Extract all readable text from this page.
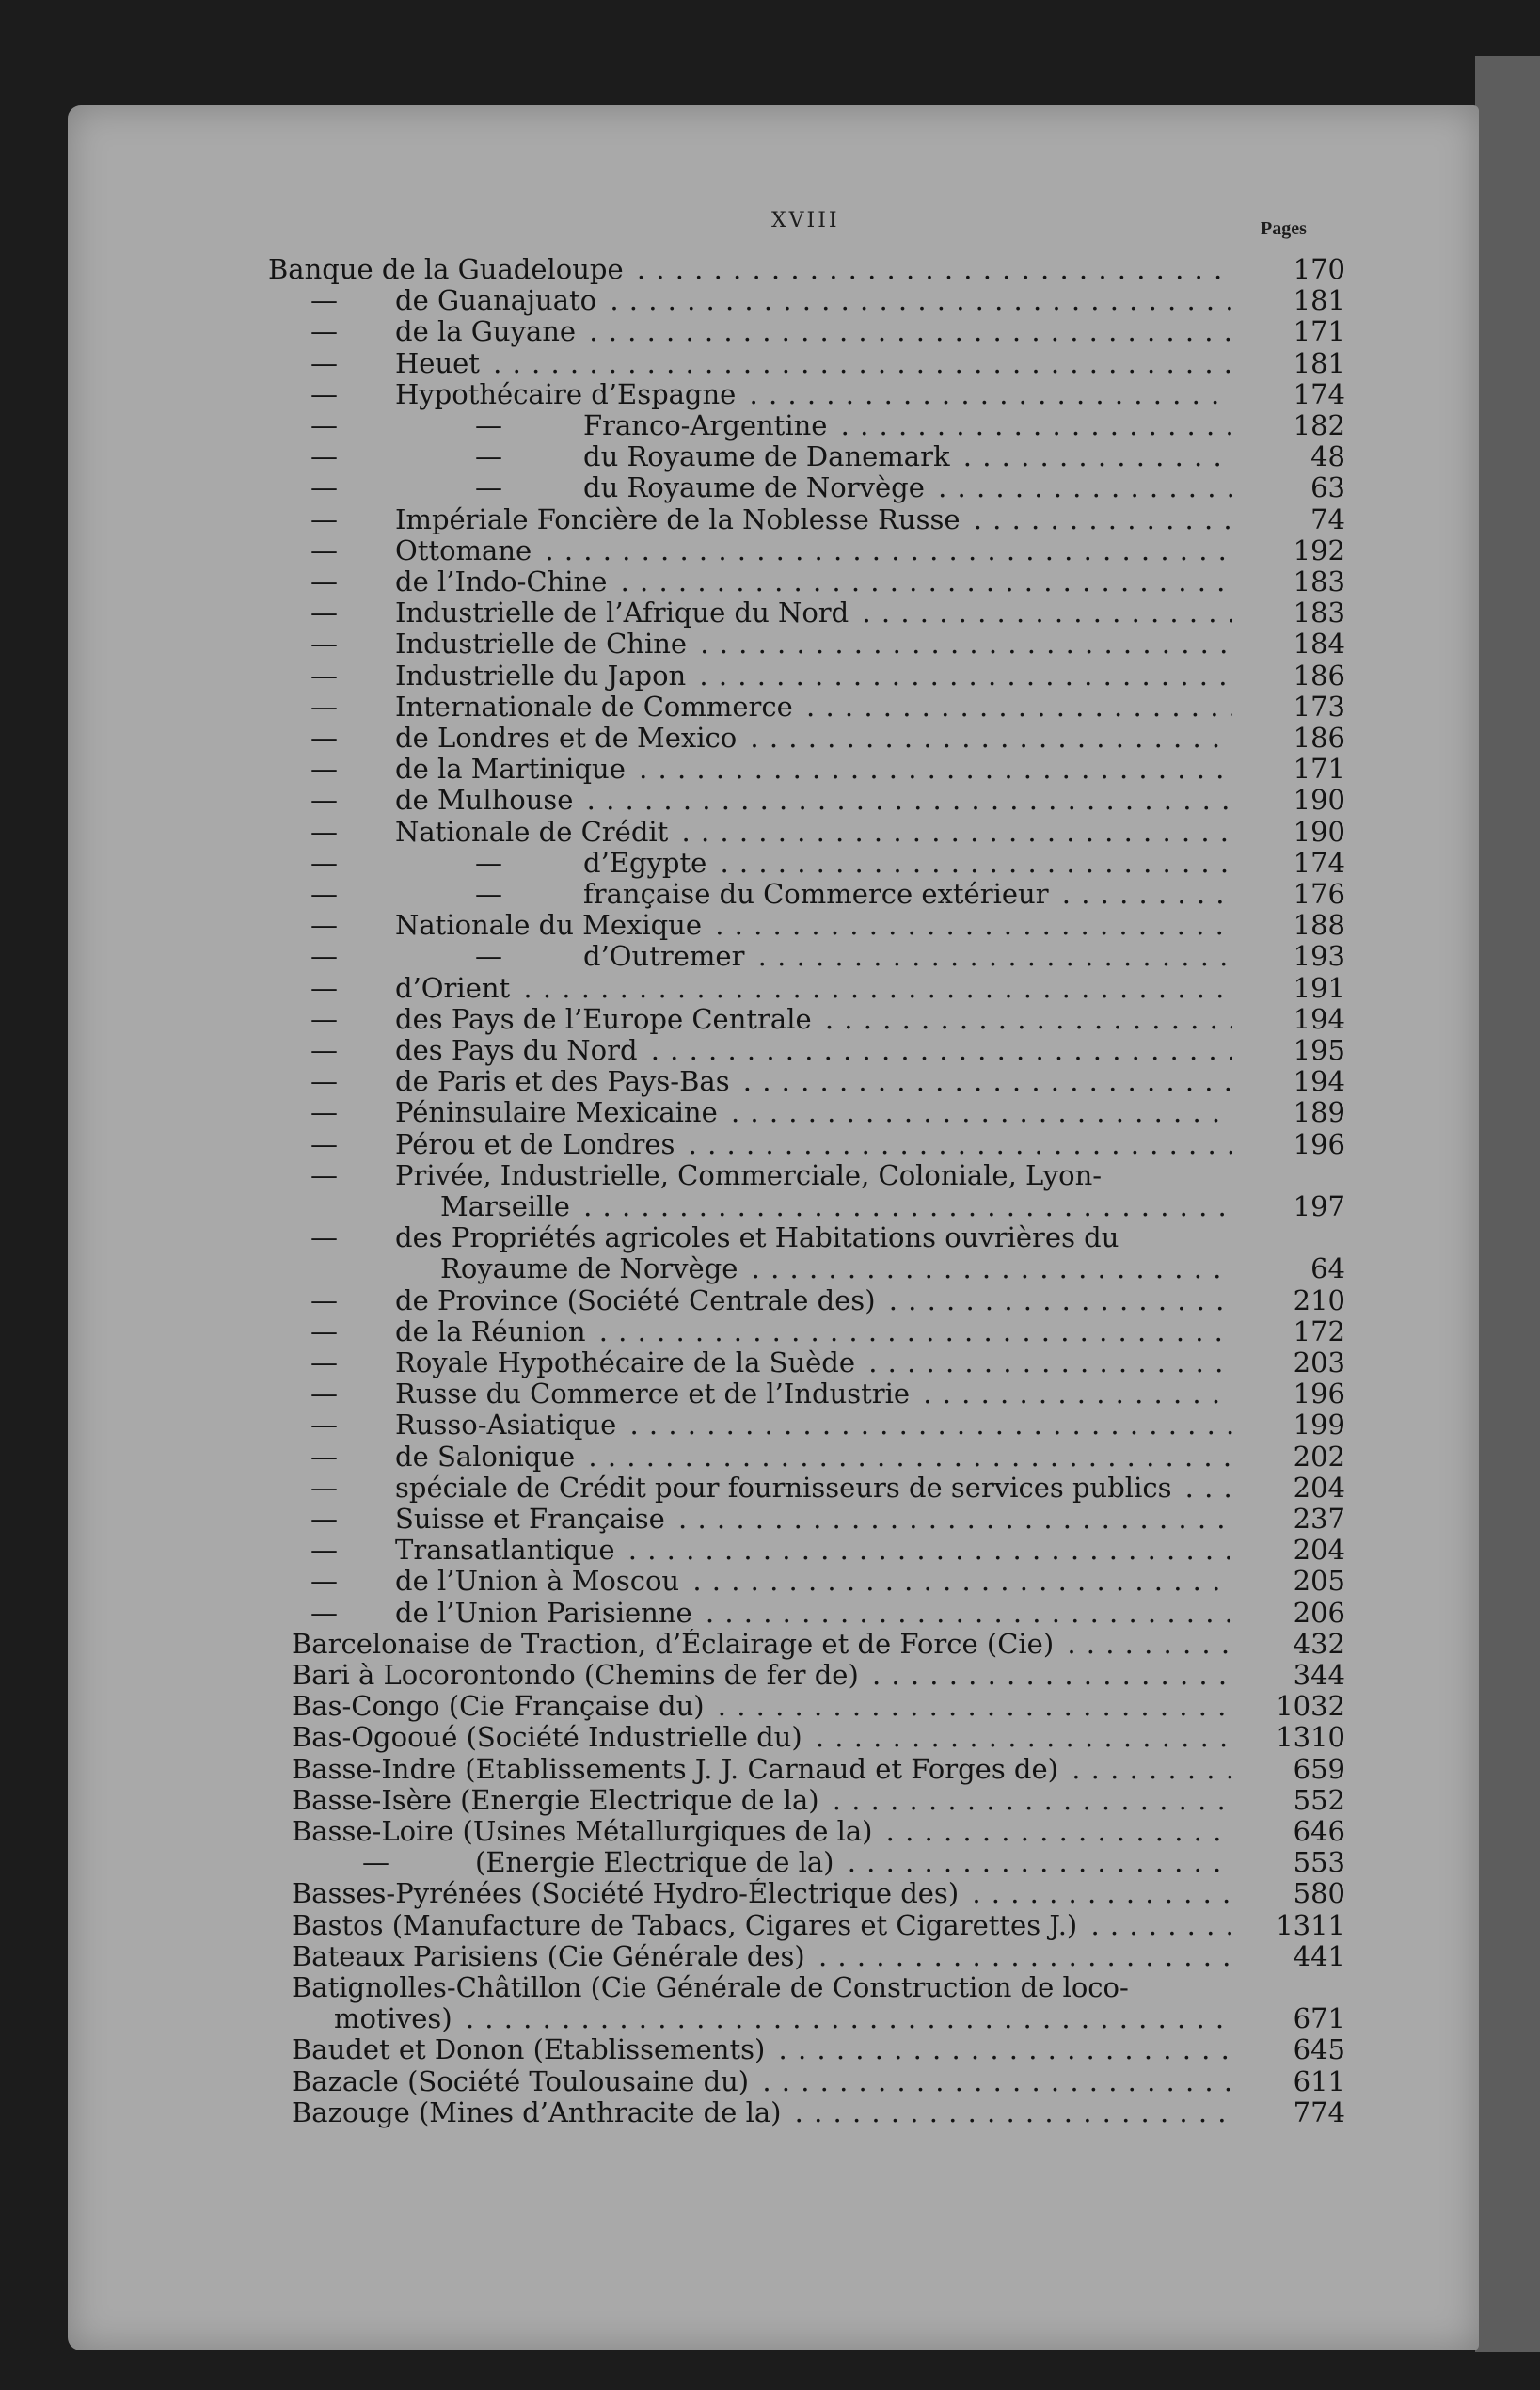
XVIII	Pages
Banque de la Guadeloupe . . .	170
— de Guanajuato . . .	181
— de la Guyane . . .	171
— Heuet . . .	181
— Hypothécaire d’Espagne . . .	174
—	—	Franco-Argentine . . .	182
—	—	du Royaume de Danemark . . .	48
—	—	du Royaume de Norvège . . .	63
— Impériale Foncière de la Noblesse Russe . . .	74
— Ottomane . . .	192
— de l’Indo-Chine . . .	183
— Industrielle de l’Afrique du Nord . . .	183
— Industrielle de Chine . . .	184
— Industrielle du Japon . . .	186
— Internationale de Commerce . . .	173
— de Londres et de Mexico . . .	186
— de la Martinique . . .	171
— de Mulhouse . . .	190
— Nationale de Crédit . . .	190
—	—	d’Egypte . . .	174
—	—	française du Commerce extérieur . . .	176
— Nationale du Mexique . . .	188
—	—	d’Outremer . . .	193
— d’Orient . . .	191
— des Pays de l’Europe Centrale . . .	194
— des Pays du Nord . . .	195
— de Paris et des Pays-Bas . . .	194
— Péninsulaire Mexicaine . . .	189
— Pérou et de Londres . . .	196
— Privée, Industrielle, Commerciale, Coloniale, Lyon-
Marseille . . .	197
— des Propriétés agricoles et Habitations ouvrières du
Royaume de Norvège . . .	64
— de Province (Société Centrale des) . . .	210
— de la Réunion . . .	172
— Royale Hypothécaire de la Suède . . .	203
— Russe du Commerce et de l’Industrie . . .	196
— Russo-Asiatique . . .	199
— de Salonique . . .	202
— spéciale de Crédit pour fournisseurs de services publics . . .	204
— Suisse et Française . . .	237
— Transatlantique . . .	204
— de l’Union à Moscou . . .	205
— de l’Union Parisienne . . .	206
Barcelonaise de Traction, d’Éclairage et de Force (Cie) . . .	432
Bari à Locorontondo (Chemins de fer de) . . .	344
Bas-Congo (Cie Française du) . . .	1032
Bas-Ogooué (Société Industrielle du) . . .	1310
Basse-Indre (Etablissements J. J. Carnaud et Forges de) . . .	659
Basse-Isère (Energie Electrique de la) . . .	552
Basse-Loire (Usines Métallurgiques de la) . . .	646
—	(Energie Electrique de la) . . .	553
Basses-Pyrénées (Société Hydro-Électrique des) . . .	580
Bastos (Manufacture de Tabacs, Cigares et Cigarettes J.) . . .	1311
Bateaux Parisiens (Cie Générale des) . . .	441
Batignolles-Châtillon (Cie Générale de Construction de loco-
motives) . . .	671
Baudet et Donon (Etablissements) . . .	645
Bazacle (Société Toulousaine du) . . .	611
Bazouge (Mines d’Anthracite de la) . . .	774
